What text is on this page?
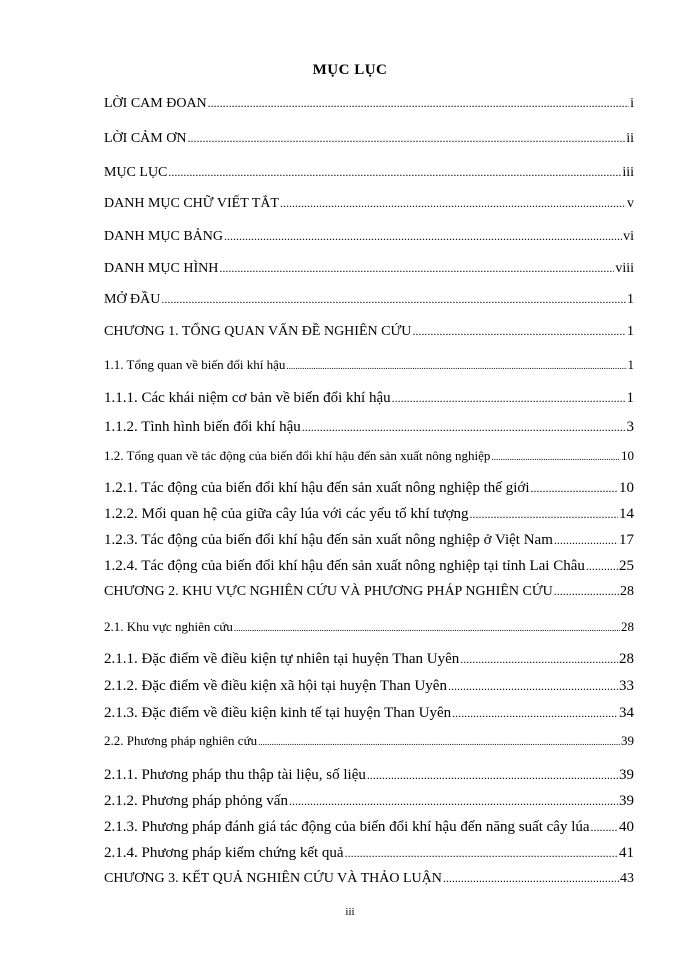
MỤC LỤC
LỜI CAM ĐOAN .....	i
LỜI CẢM ƠN .....	ii
MỤC LỤC .....	iii
DANH MỤC CHỮ VIẾT TẮT .....	v
DANH MỤC BẢNG .....	vi
DANH MỤC HÌNH .....	viii
MỞ ĐẦU .....	1
CHƯƠNG 1. TỔNG QUAN VẤN ĐỀ NGHIÊN CỨU .....	1
1.1. Tổng quan về biến đổi khí hậu .....	1
1.1.1. Các khái niệm cơ bản về biến đổi khí hậu .....	1
1.1.2. Tình hình biến đổi khí hậu .....	3
1.2. Tổng quan về tác động của biến đổi khí hậu đến sản xuất nông nghiệp .....	10
1.2.1. Tác động của biến đổi khí hậu đến sản xuất nông nghiệp thế giới .....	10
1.2.2. Mối quan hệ của giữa cây lúa với các yếu tố khí tượng .....	14
1.2.3. Tác động của biến đổi khí hậu đến sản xuất nông nghiệp ở Việt Nam .....	17
1.2.4. Tác động của biến đổi khí hậu đến sản xuất nông nghiệp tại tỉnh Lai Châu ..... 25
CHƯƠNG 2. KHU VỰC NGHIÊN CỨU VÀ PHƯƠNG PHÁP NGHIÊN CỨU .....	28
2.1. Khu vực nghiên cứu .....	28
2.1.1. Đặc điểm về điều kiện tự nhiên tại huyện Than Uyên .....	28
2.1.2. Đặc điểm về điều kiện xã hội tại huyện Than Uyên .....	33
2.1.3. Đặc điểm về điều kiện kinh tế tại huyện Than Uyên .....	34
2.2. Phương pháp nghiên cứu .....	39
2.1.1. Phương pháp thu thập tài liệu, số liệu .....	39
2.1.2. Phương pháp phỏng vấn .....	39
2.1.3. Phương pháp đánh giá tác động của biến đổi khí hậu đến năng suất cây lúa ..... 40
2.1.4. Phương pháp kiểm chứng kết quả .....	41
CHƯƠNG 3. KẾT QUẢ NGHIÊN CỨU VÀ THẢO LUẬN .....	43
iii
